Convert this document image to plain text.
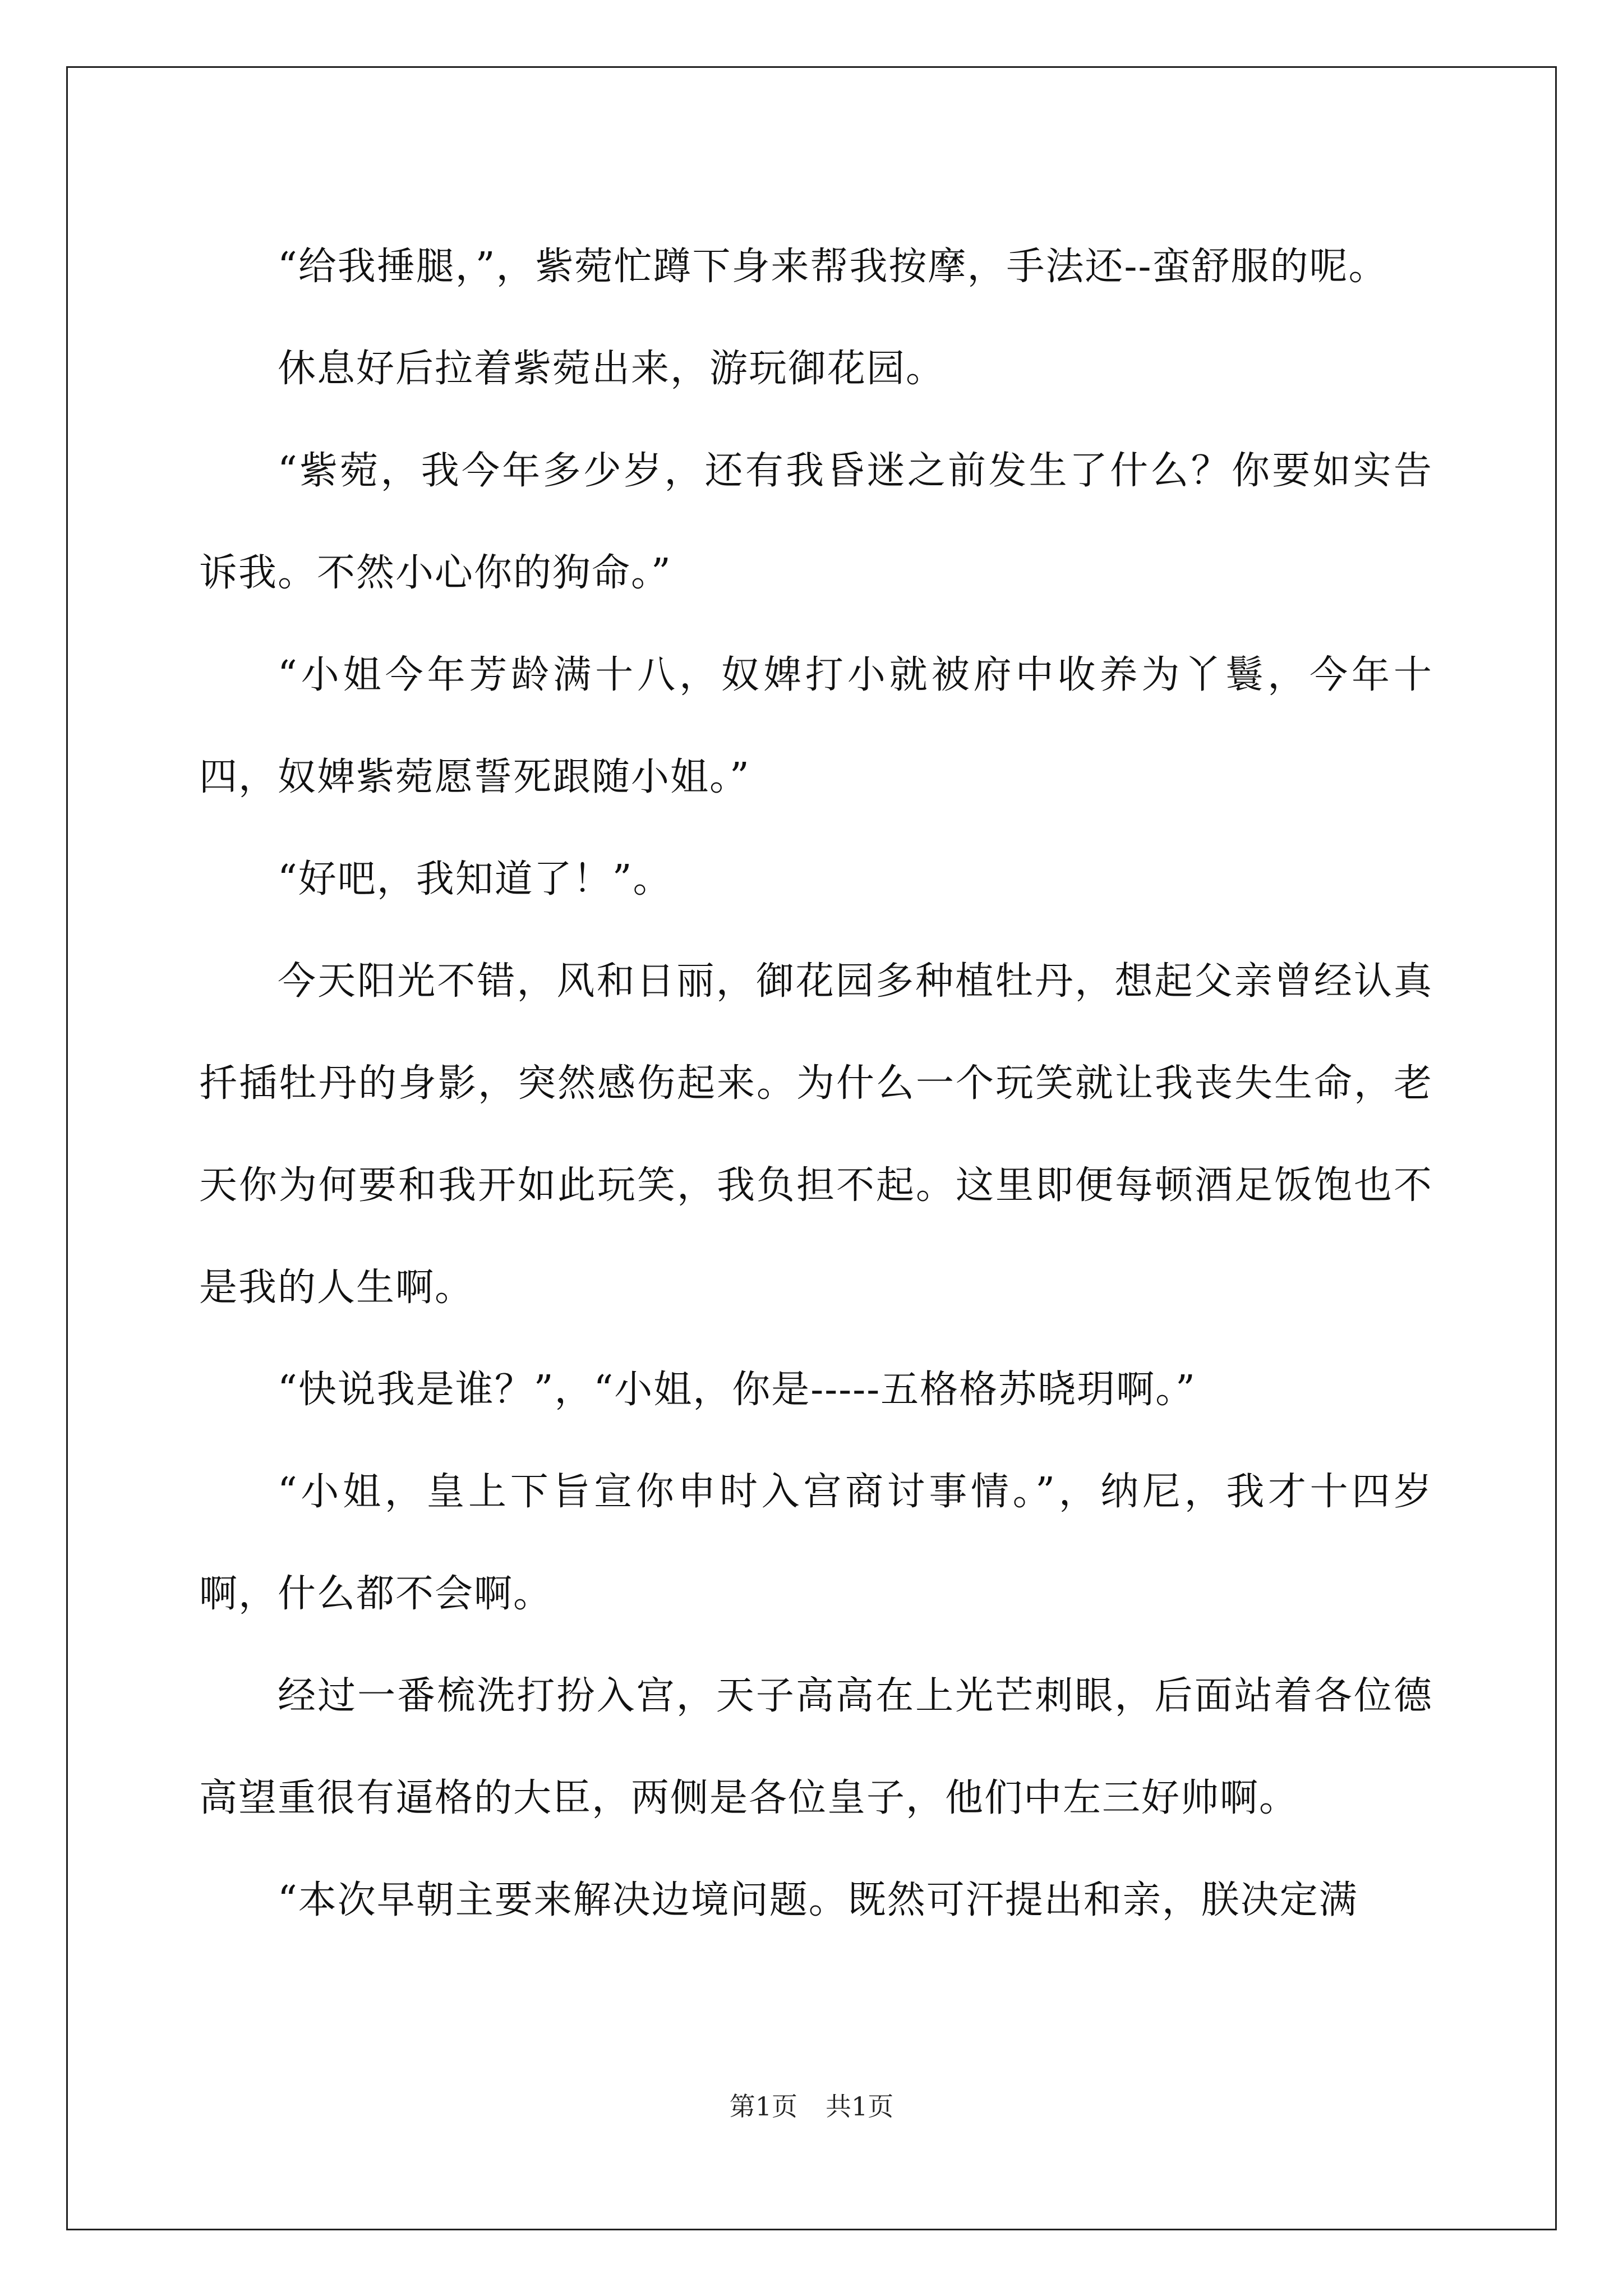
“给我捶腿，”，紫菀忙蹲下身来帮我按摩，手法还--蛮舒服的呢。

休息好后拉着紫菀出来，游玩御花园。

“紫菀，我今年多少岁，还有我昏迷之前发生了什么？你要如实告诉我。不然小心你的狗命。”

“小姐今年芳龄满十八，奴婢打小就被府中收养为丫鬟，今年十四，奴婢紫菀愿誓死跟随小姐。”

“好吧，我知道了！”。

今天阳光不错，风和日丽，御花园多种植牡丹，想起父亲曾经认真扦插牡丹的身影，突然感伤起来。为什么一个玩笑就让我丧失生命，老天你为何要和我开如此玩笑，我负担不起。这里即便每顿酒足饭饱也不是我的人生啊。

“快说我是谁？”，“小姐，你是-----五格格苏晓玥啊。”

“小姐，皇上下旨宣你申时入宫商讨事情。”，纳尼，我才十四岁啊，什么都不会啊。

经过一番梳洗打扮入宫，天子高高在上光芒刺眼，后面站着各位德高望重很有逼格的大臣，两侧是各位皇子，他们中左三好帅啊。

“本次早朝主要来解决边境问题。既然可汗提出和亲，朕决定满

第1页 共1页
